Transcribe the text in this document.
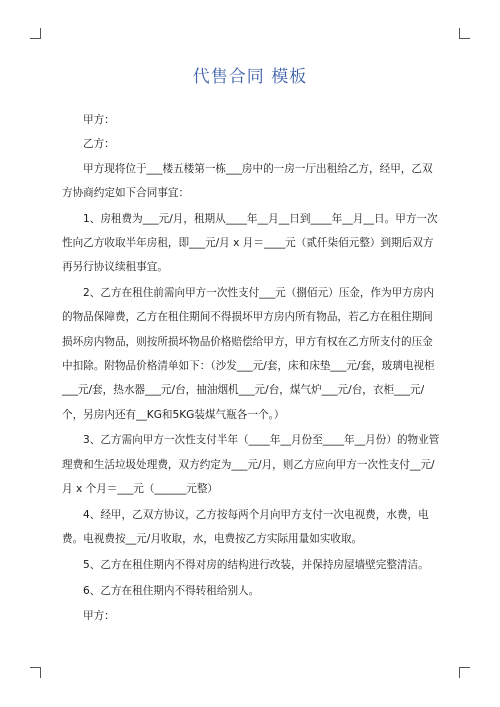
代售合同 模板

甲方：

乙方：

甲方现将位于___楼五楼第一栋___房中的一房一厅出租给乙方，经甲，乙双方协商约定如下合同事宜：

1、房租费为___元/月，租期从____年__月__日到____年__月__日。甲方一次性向乙方收取半年房租，即___元/月 x 月＝____元（贰仟柒佰元整）到期后双方再另行协议续租事宜。

2、乙方在租住前需向甲方一次性支付___元（捌佰元）压金，作为甲方房内的物品保障费，乙方在租住期间不得损坏甲方房内所有物品，若乙方在租住期间损坏房内物品，则按所损坏物品价格赔偿给甲方，甲方有权在乙方所支付的压金中扣除。附物品价格清单如下：（沙发___元/套，床和床垫___元/套，玻璃电视柜___元/套，热水器___元/台，抽油烟机___元/台，煤气炉___元/台，衣柜___元/个，另房内还有__KG和5KG装煤气瓶各一个。）

3、乙方需向甲方一次性支付半年（____年__月份至____年__月份）的物业管理费和生活垃圾处理费，双方约定为___元/月，则乙方应向甲方一次性支付__元/月 x 个月＝___元（______元整）

4、经甲，乙双方协议，乙方按每两个月向甲方支付一次电视费，水费，电费。电视费按__元/月收取，水，电费按乙方实际用量如实收取。

5、乙方在租住期内不得对房的结构进行改装，并保持房屋墙壁完整清洁。

6、乙方在租住期内不得转租给别人。

甲方：
